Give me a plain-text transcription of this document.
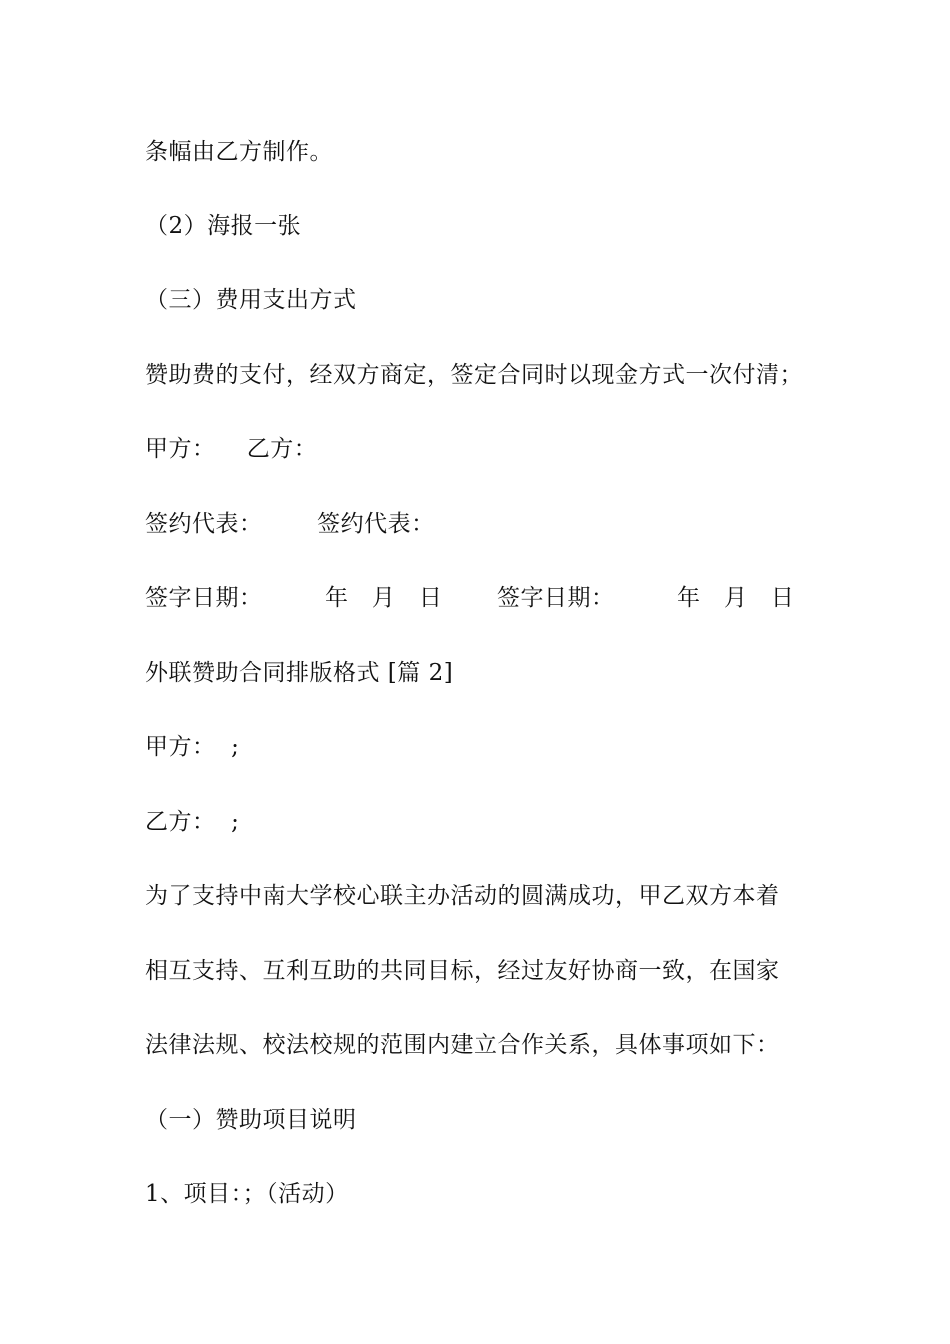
条幅由乙方制作。
（2）海报一张
（三）费用支出方式
赞助费的支付，经双方商定，签定合同时以现金方式一次付清；
甲方：    乙方：
签约代表：       签约代表：
签字日期：        年   月   日       签字日期：        年   月   日
外联赞助合同排版格式 [篇 2]
甲方：  ;
乙方：  ;
为了支持中南大学校心联主办活动的圆满成功，甲乙双方本着
相互支持、互利互助的共同目标，经过友好协商一致，在国家
法律法规、校法校规的范围内建立合作关系，具体事项如下：
（一）赞助项目说明
1、项目：；（活动）
